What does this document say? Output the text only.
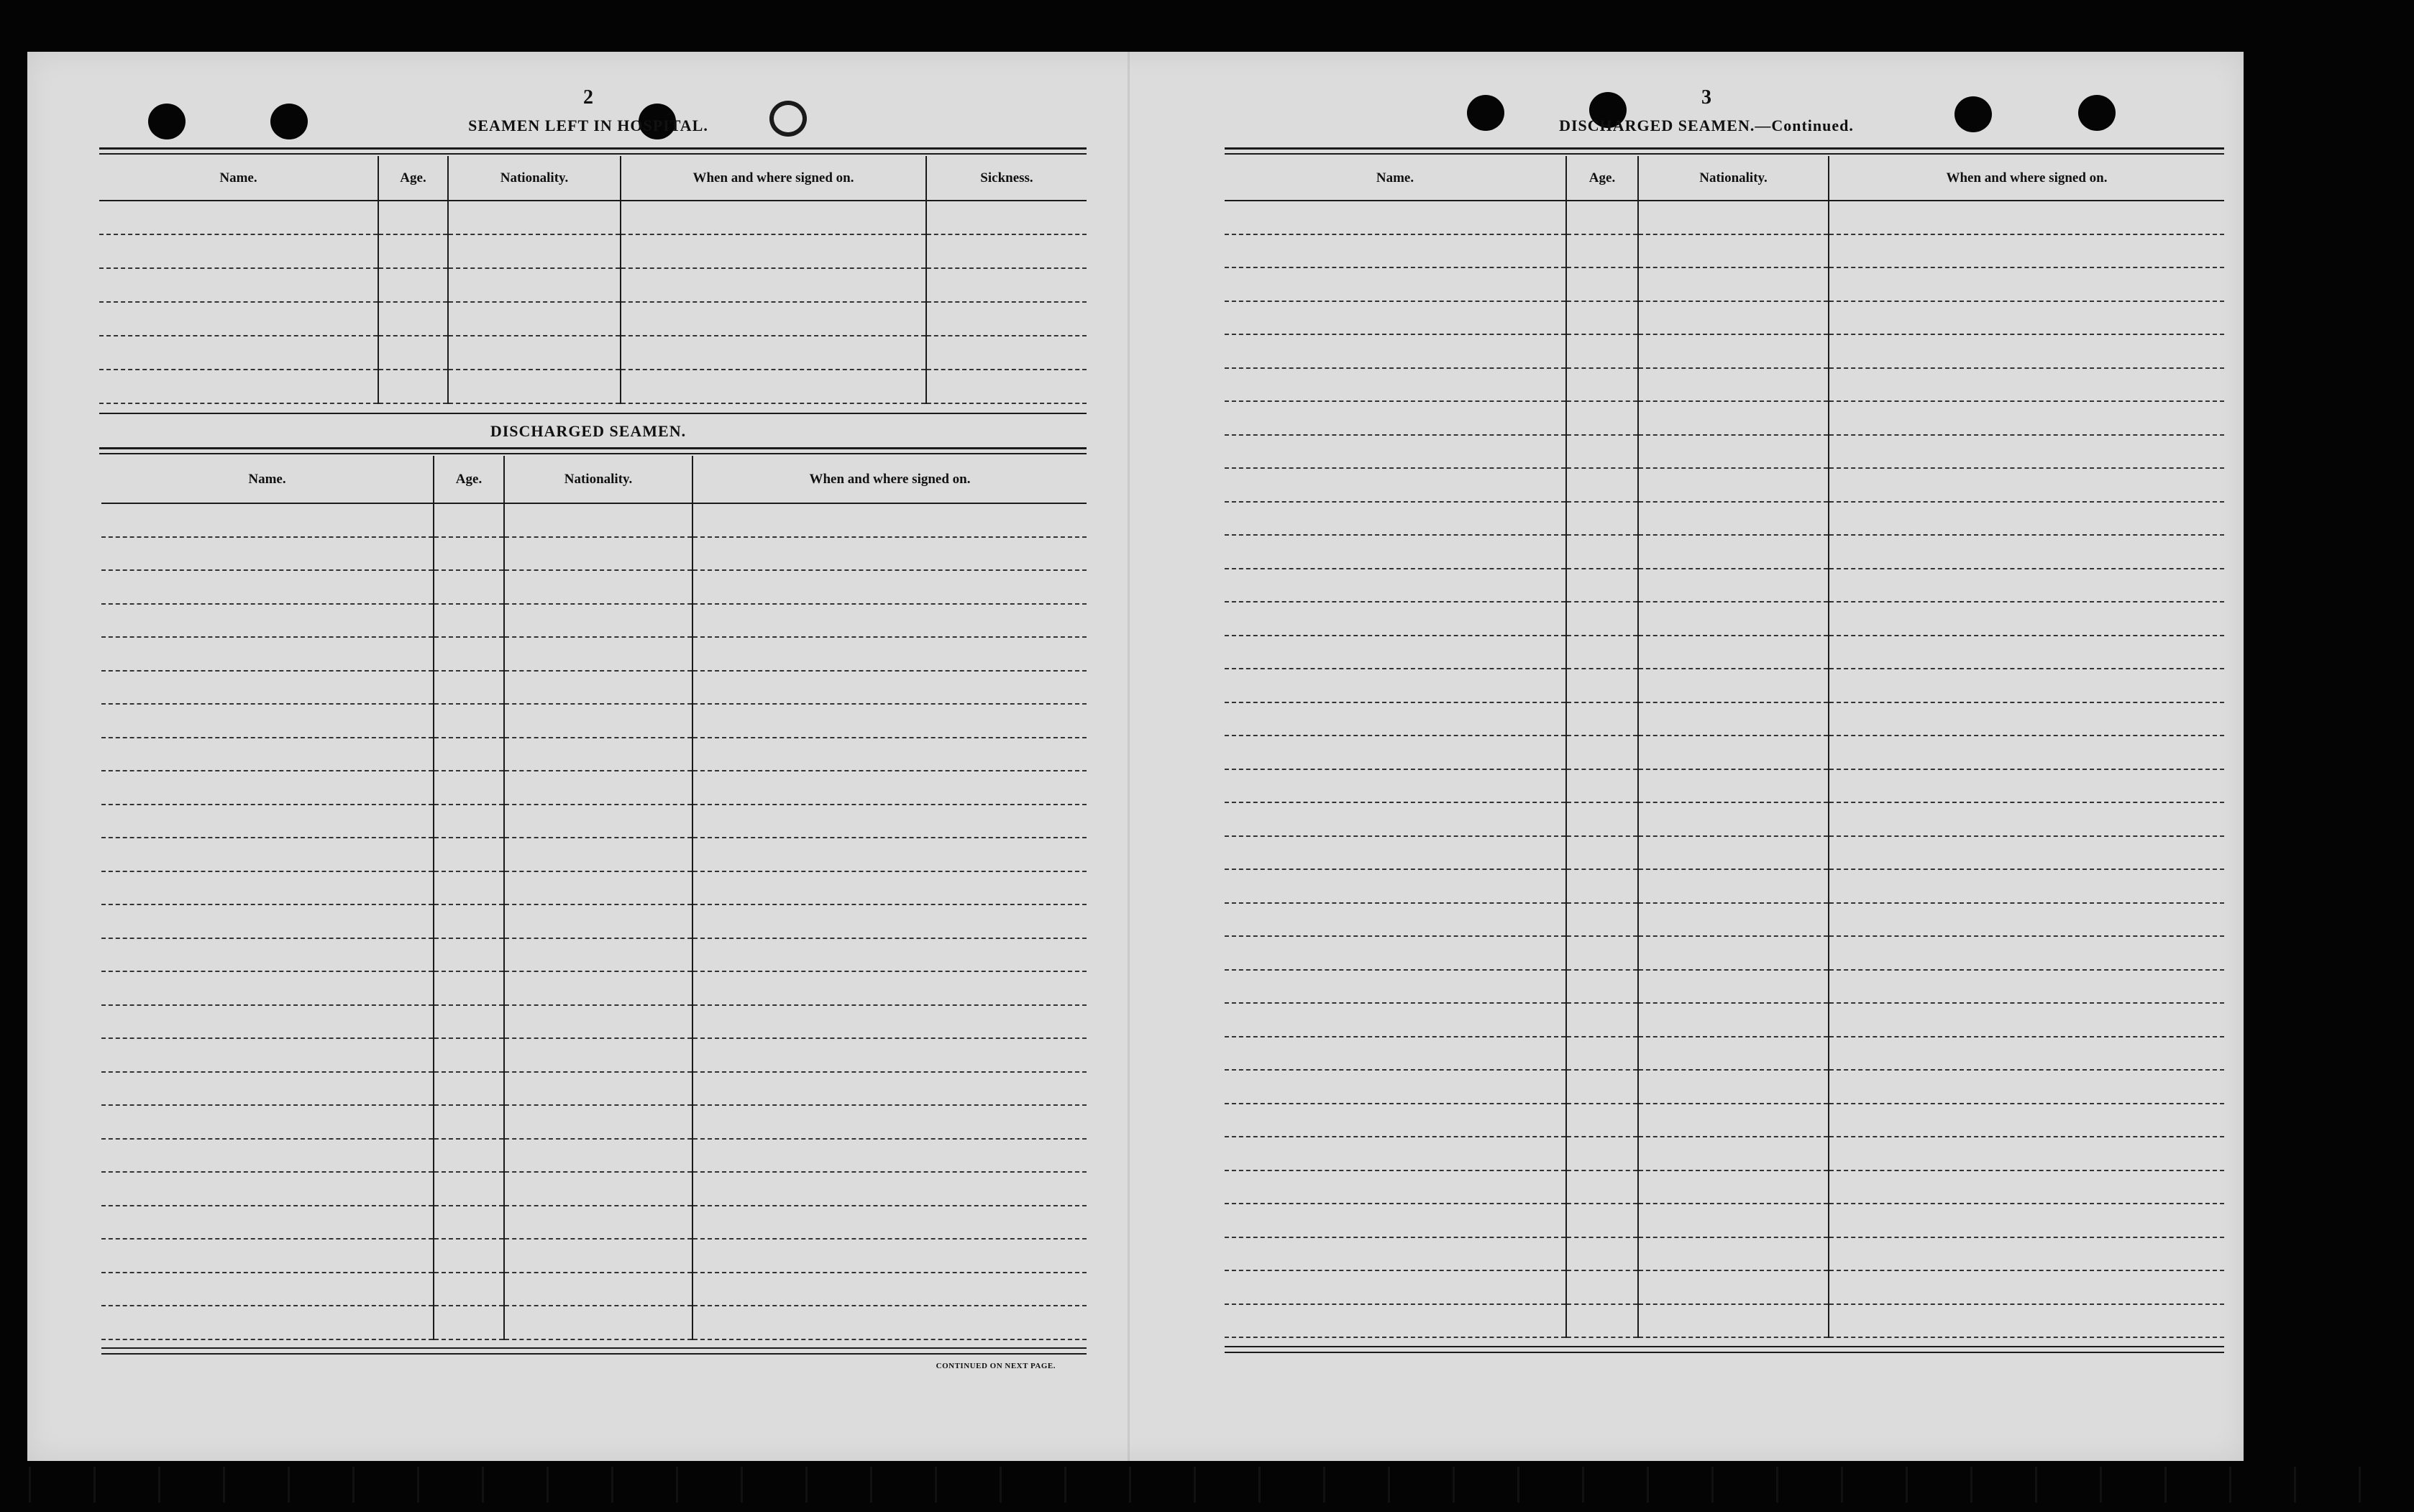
2

SEAMEN LEFT IN HOSPITAL.

Name.	Age.	Nationality.	When and where signed on.	Sickness.

DISCHARGED SEAMEN.

Name.	Age.	Nationality.	When and where signed on.

CONTINUED ON NEXT PAGE.

3

DISCHARGED SEAMEN.—Continued.

Name.	Age.	Nationality.	When and where signed on.
